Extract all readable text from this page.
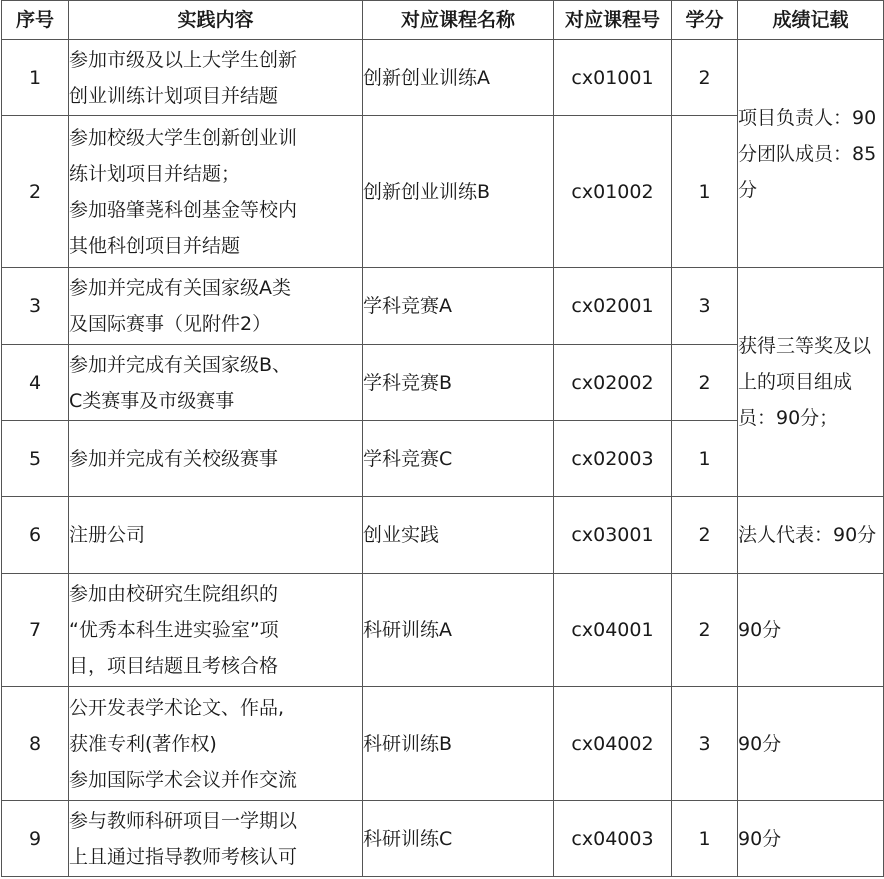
序号	实践内容	对应课程名称	对应课程号	学分	成绩记载
1	参加市级及以上大学生创新
创业训练计划项目并结题	创新创业训练A	cx01001	2	项目负责人：90分团队成员：85分

2	参加校级大学生创新创业训
练计划项目并结题；
参加骆肇荛科创基金等校内
其他科创项目并结题	创新创业训练B	cx01002	1	
3	参加并完成有关国家级A类
及国际赛事（见附件2）	学科竞赛A	cx02001	3	获得三等奖及以上的项目组成员：90分；

4	参加并完成有关国家级B、
C类赛事及市级赛事	学科竞赛B	cx02002	2	
5	参加并完成有关校级赛事	学科竞赛C	cx02003	1	
6	注册公司	创业实践	cx03001	2	法人代表：90分

7	参加由校研究生院组织的
“优秀本科生进实验室”项
目，项目结题且考核合格	科研训练A	cx04001	2	90分

8	公开发表学术论文、作品,
获准专利(著作权)
参加国际学术会议并作交流	科研训练B	cx04002	3	90分

9	参与教师科研项目一学期以
上且通过指导教师考核认可	科研训练C	cx04003	1	90分
